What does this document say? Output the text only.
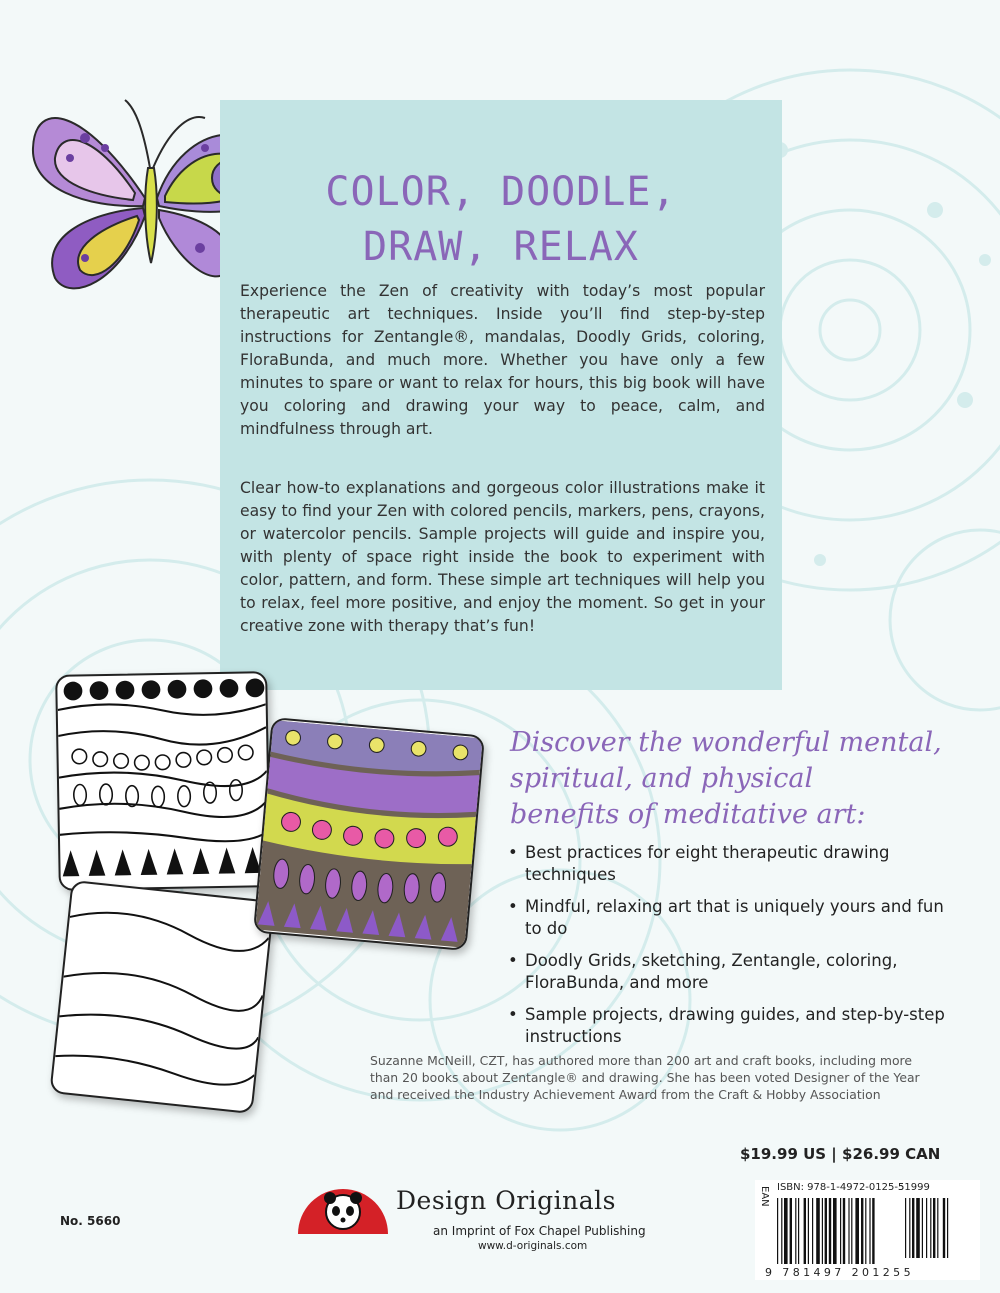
COLOR, DOODLE,
DRAW, RELAX

Experience the Zen of creativity with today’s most popular therapeutic art techniques. Inside you’ll find step-by-step instructions for Zentangle®, mandalas, Doodly Grids, coloring, FloraBunda, and much more. Whether you have only a few minutes to spare or want to relax for hours, this big book will have you coloring and drawing your way to peace, calm, and mindfulness through art.

Clear how-to explanations and gorgeous color illustrations make it easy to find your Zen with colored pencils, markers, pens, crayons, or watercolor pencils. Sample projects will guide and inspire you, with plenty of space right inside the book to experiment with color, pattern, and form. These simple art techniques will help you to relax, feel more positive, and enjoy the moment. So get in your creative zone with therapy that’s fun!

Discover the wonderful mental,
spiritual, and physical
benefits of meditative art:
• Best practices for eight therapeutic drawing techniques
• Mindful, relaxing art that is uniquely yours and fun to do
• Doodly Grids, sketching, Zentangle, coloring, FloraBunda, and more
• Sample projects, drawing guides, and step-by-step instructions

Suzanne McNeill, CZT, has authored more than 200 art and craft books, including more than 20 books about Zentangle® and drawing. She has been voted Designer of the Year and received the Industry Achievement Award from the Craft & Hobby Association

$19.99 US | $26.99 CAN
Design Originals
an Imprint of Fox Chapel Publishing
www.d-originals.com
No. 5660
EAN ISBN: 978-1-4972-0125-5
51999
9 781497 201255
